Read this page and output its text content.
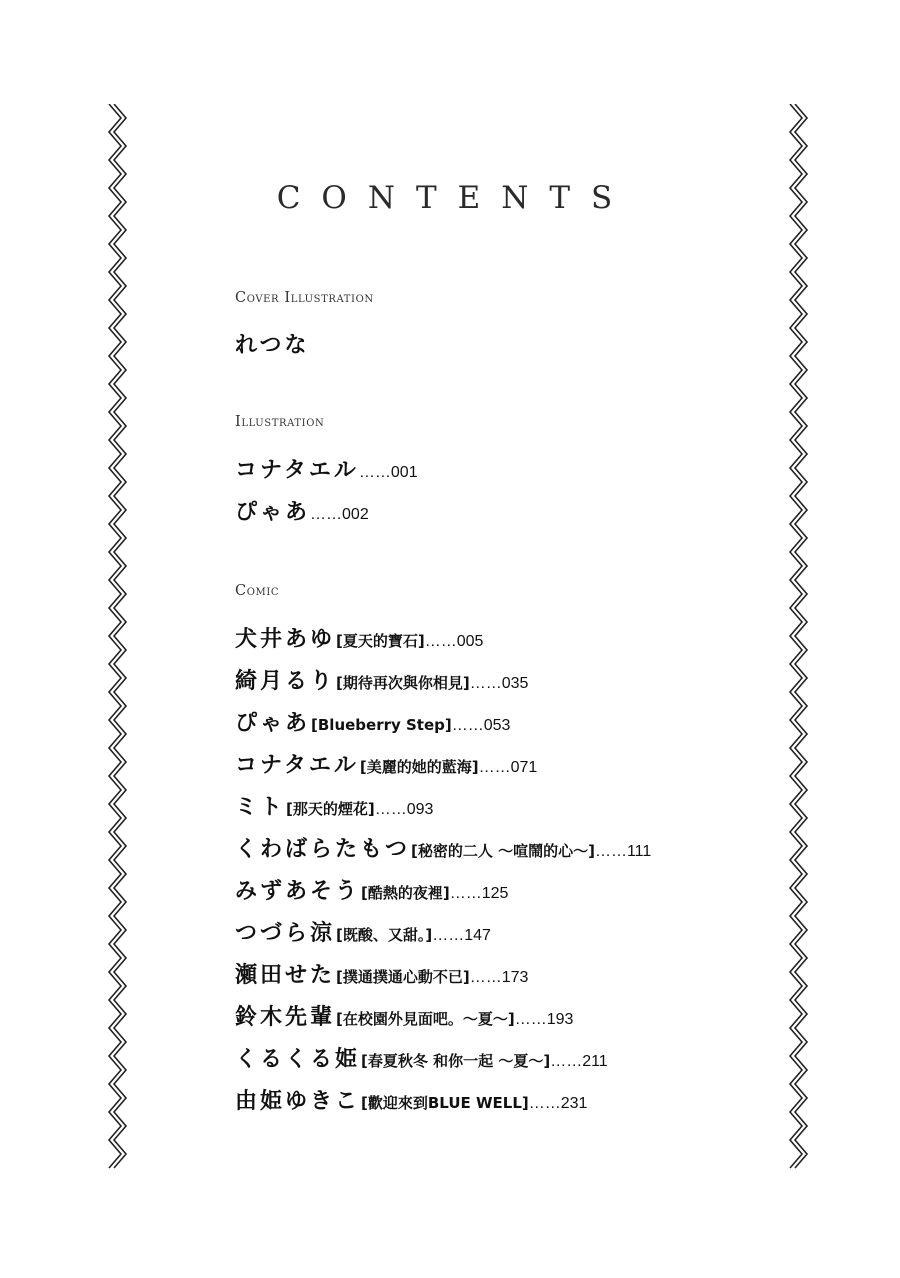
CONTENTS
Cover Illustration
れつな
Illustration
コナタエル ……001
ぴゃあ ……002
Comic
犬井あゆ [夏天的寶石] ……005
綺月るり [期待再次與你相見] ……035
ぴゃあ [Blueberry Step] ……053
コナタエル [美麗的她的藍海] ……071
ミト [那天的煙花] ……093
くわばらたもつ [秘密的二人 ～喧鬧的心～] ……111
みずあそう [酷熱的夜裡] ……125
つづら涼 [既酸、又甜。] ……147
瀬田せた [撲通撲通心動不已] ……173
鈴木先輩 [在校園外見面吧。～夏～] ……193
くるくる姫 [春夏秋冬 和你一起 ～夏～] ……211
由姫ゆきこ [歡迎來到BLUE WELL] ……231
